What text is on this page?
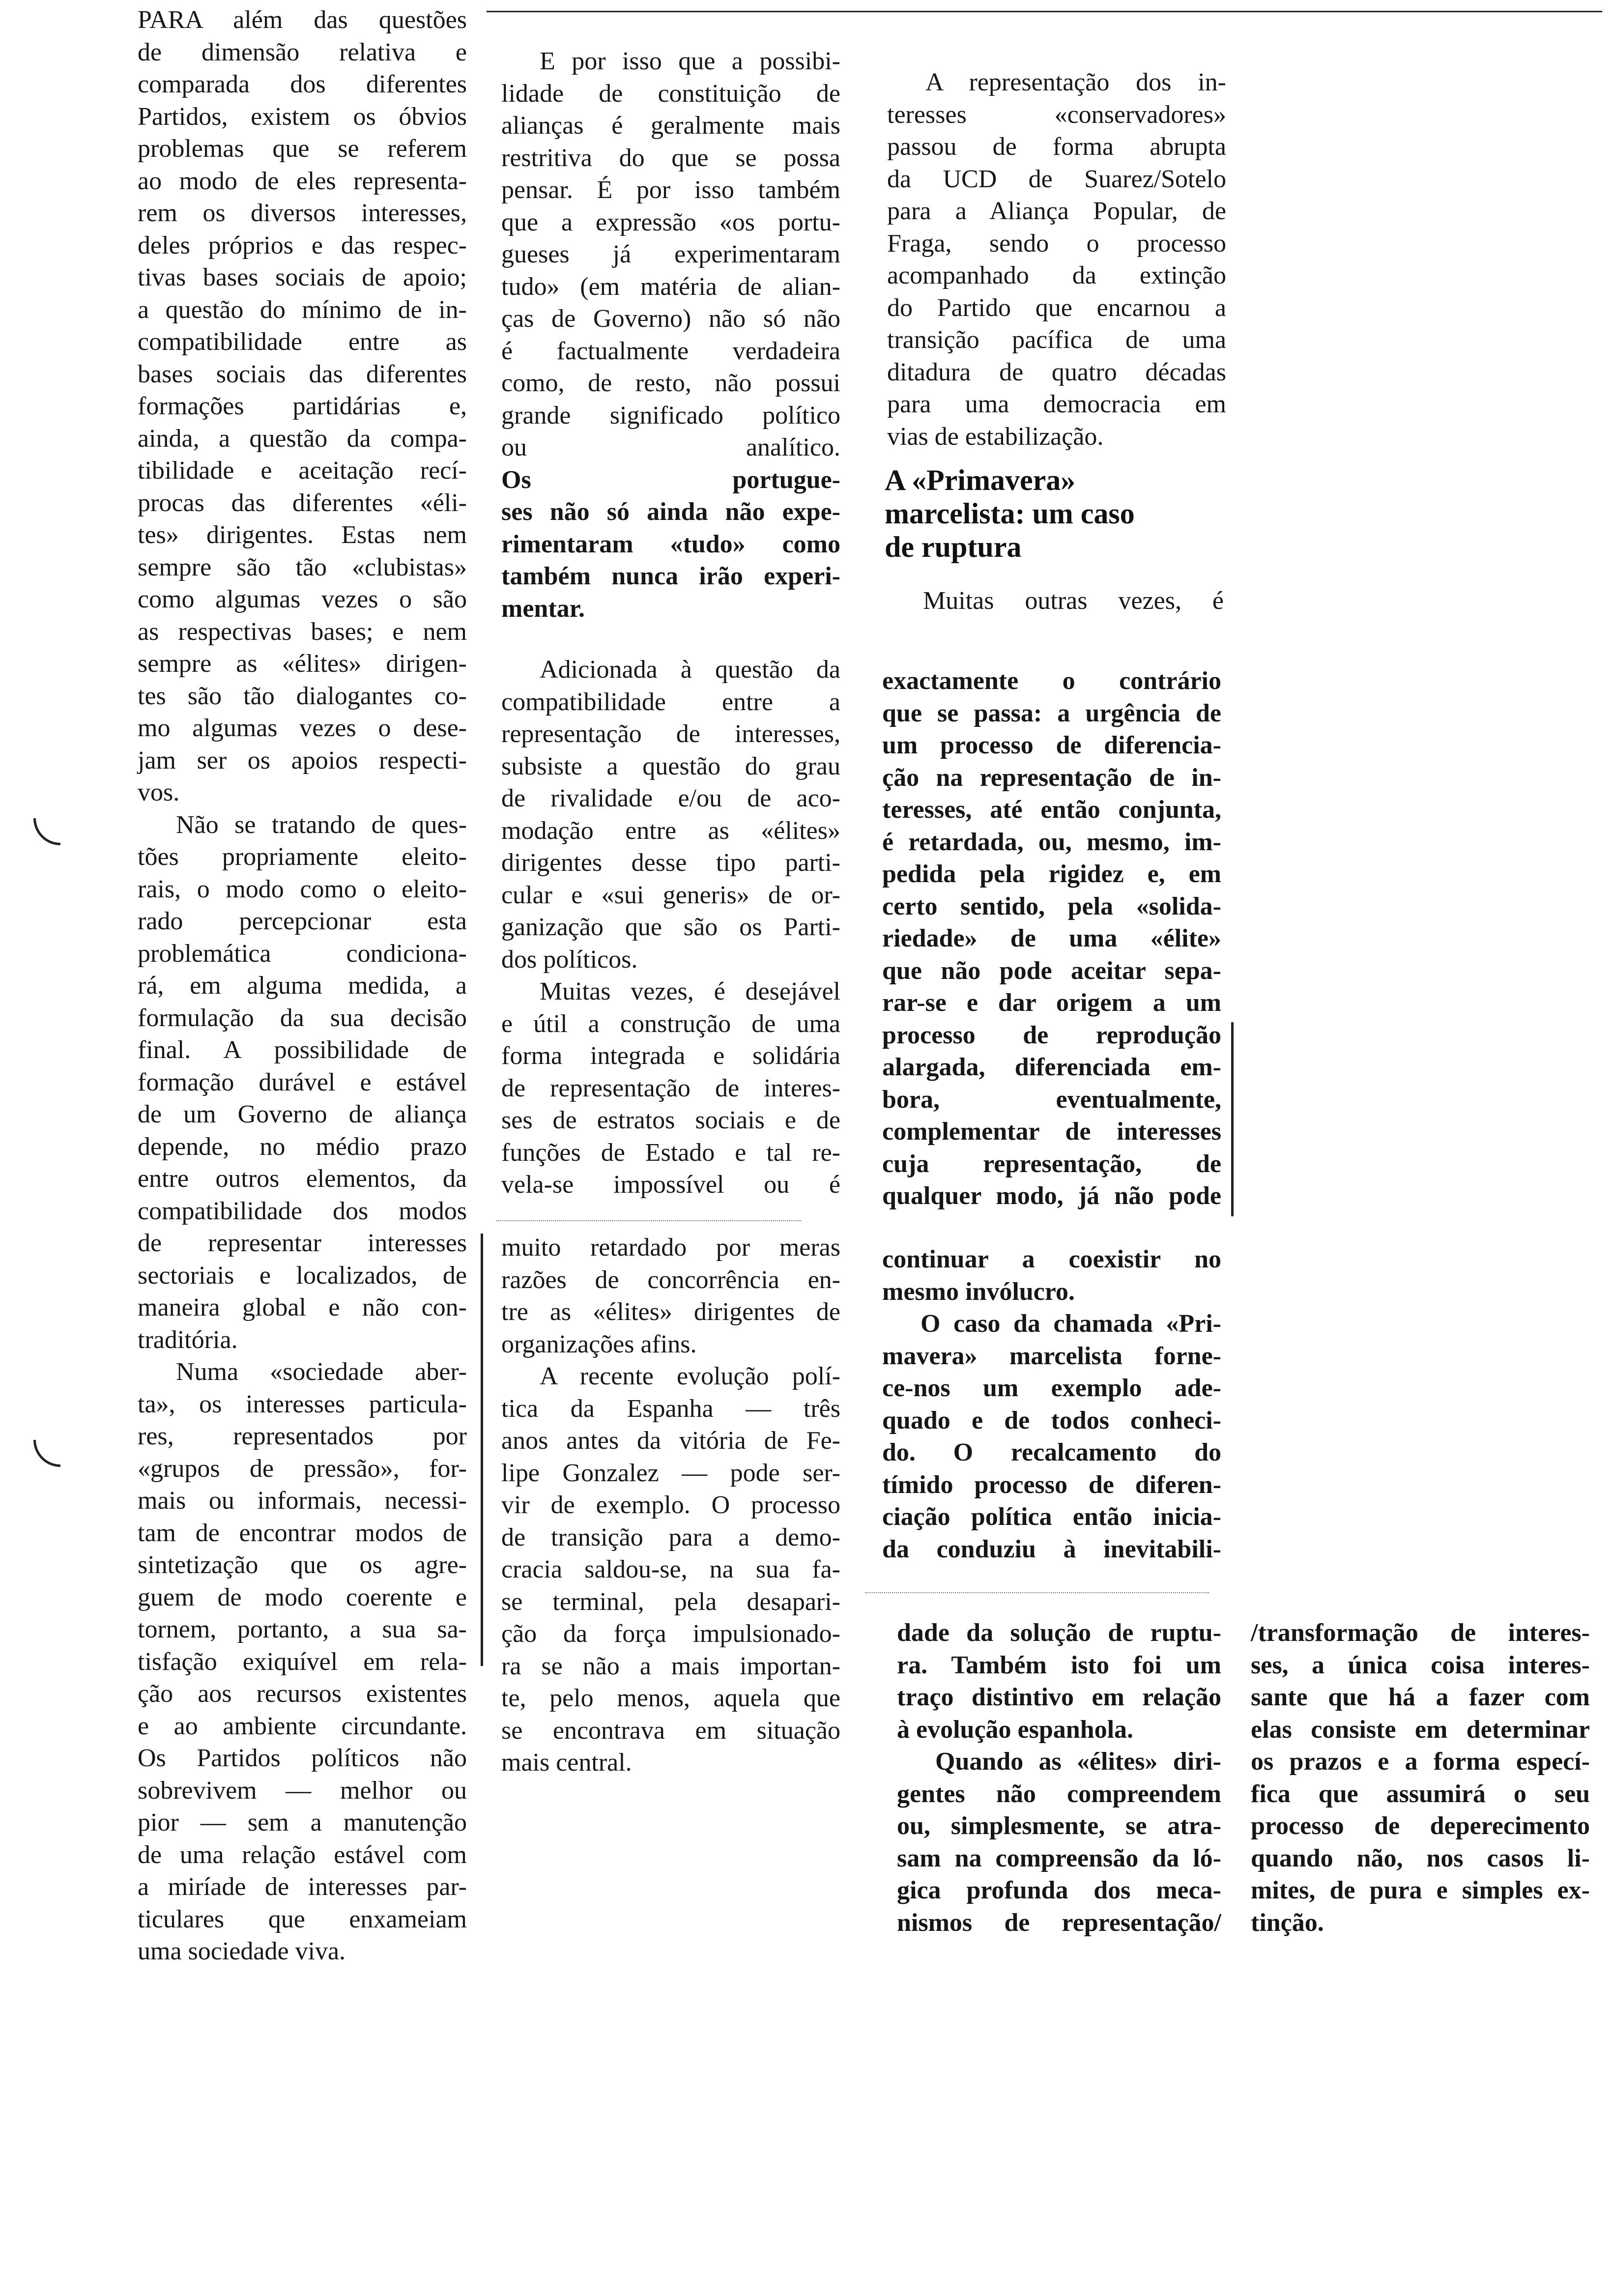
PARA além das questões
de dimensão relativa e
comparada dos diferentes
Partidos, existem os óbvios
problemas que se referem
ao modo de eles representa-
rem os diversos interesses,
deles próprios e das respec-
tivas bases sociais de apoio;
a questão do mínimo de in-
compatibilidade entre as
bases sociais das diferentes
formações partidárias e,
ainda, a questão da compa-
tibilidade e aceitação recí-
procas das diferentes «éli-
tes» dirigentes. Estas nem
sempre são tão «clubistas»
como algumas vezes o são
as respectivas bases; e nem
sempre as «élites» dirigen-
tes são tão dialogantes co-
mo algumas vezes o dese-
jam ser os apoios respecti-
vos.

Não se tratando de ques-
tões propriamente eleito-
rais, o modo como o eleito-
rado percepcionar esta
problemática condiciona-
rá, em alguma medida, a
formulação da sua decisão
final. A possibilidade de
formação durável e estável
de um Governo de aliança
depende, no médio prazo
entre outros elementos, da
compatibilidade dos modos
de representar interesses
sectoriais e localizados, de
maneira global e não con-
traditória.

Numa «sociedade aber-
ta», os interesses particula-
res, representados por
«grupos de pressão», for-
mais ou informais, necessi-
tam de encontrar modos de
sintetização que os agre-
guem de modo coerente e
tornem, portanto, a sua sa-
tisfação exiquível em rela-
ção aos recursos existentes
e ao ambiente circundante.
Os Partidos políticos não
sobrevivem — melhor ou
pior — sem a manutenção
de uma relação estável com
a miríade de interesses par-
ticulares que enxameiam
uma sociedade viva.

E por isso que a possibi-
lidade de constituição de
alianças é geralmente mais
restritiva do que se possa
pensar. É por isso também
que a expressão «os portu-
gueses já experimentaram
tudo» (em matéria de alian-
ças de Governo) não só não
é factualmente verdadeira
como, de resto, não possui
grande significado político
ou analítico.

Os portugue-
ses não só ainda não expe-
rimentaram «tudo» como
também nunca irão experi-
mentar.

Adicionada à questão da
compatibilidade entre a
representação de interesses,
subsiste a questão do grau
de rivalidade e/ou de aco-
modação entre as «élites»
dirigentes desse tipo parti-
cular e «sui generis» de or-
ganização que são os Parti-
dos políticos.

Muitas vezes, é desejável
e útil a construção de uma
forma integrada e solidária
de representação de interes-
ses de estratos sociais e de
funções de Estado e tal re-
vela-se impossível ou é

muito retardado por meras
razões de concorrência en-
tre as «élites» dirigentes de
organizações afins.

A recente evolução polí-
tica da Espanha — três
anos antes da vitória de Fe-
lipe Gonzalez — pode ser-
vir de exemplo. O processo
de transição para a demo-
cracia saldou-se, na sua fa-
se terminal, pela desapari-
ção da força impulsionado-
ra se não a mais importan-
te, pelo menos, aquela que
se encontrava em situação
mais central.

A representação dos in-
teresses «conservadores»
passou de forma abrupta
da UCD de Suarez/Sotelo
para a Aliança Popular, de
Fraga, sendo o processo
acompanhado da extinção
do Partido que encarnou a
transição pacífica de uma
ditadura de quatro décadas
para uma democracia em
vias de estabilização.

A «Primavera»
marcelista: um caso
de ruptura

Muitas outras vezes, é

exactamente o contrário
que se passa: a urgência de
um processo de diferencia-
ção na representação de in-
teresses, até então conjunta,
é retardada, ou, mesmo, im-
pedida pela rigidez e, em
certo sentido, pela «solida-
riedade» de uma «élite»
que não pode aceitar sepa-
rar-se e dar origem a um
processo de reprodução
alargada, diferenciada em-
bora, eventualmente,
complementar de interesses
cuja representação, de
qualquer modo, já não pode

continuar a coexistir no
mesmo invólucro.

O caso da chamada «Pri-
mavera» marcelista forne-
ce-nos um exemplo ade-
quado e de todos conheci-
do. O recalcamento do
tímido processo de diferen-
ciação política então inicia-
da conduziu à inevitabili-

dade da solução de ruptu-
ra. Também isto foi um
traço distintivo em relação
à evolução espanhola.

Quando as «élites» diri-
gentes não compreendem
ou, simplesmente, se atra-
sam na compreensão da ló-
gica profunda dos meca-
nismos de representação/

/transformação de interes-
ses, a única coisa interes-
sante que há a fazer com
elas consiste em determinar
os prazos e a forma especí-
fica que assumirá o seu
processo de deperecimento
quando não, nos casos li-
mites, de pura e simples ex-
tinção.
